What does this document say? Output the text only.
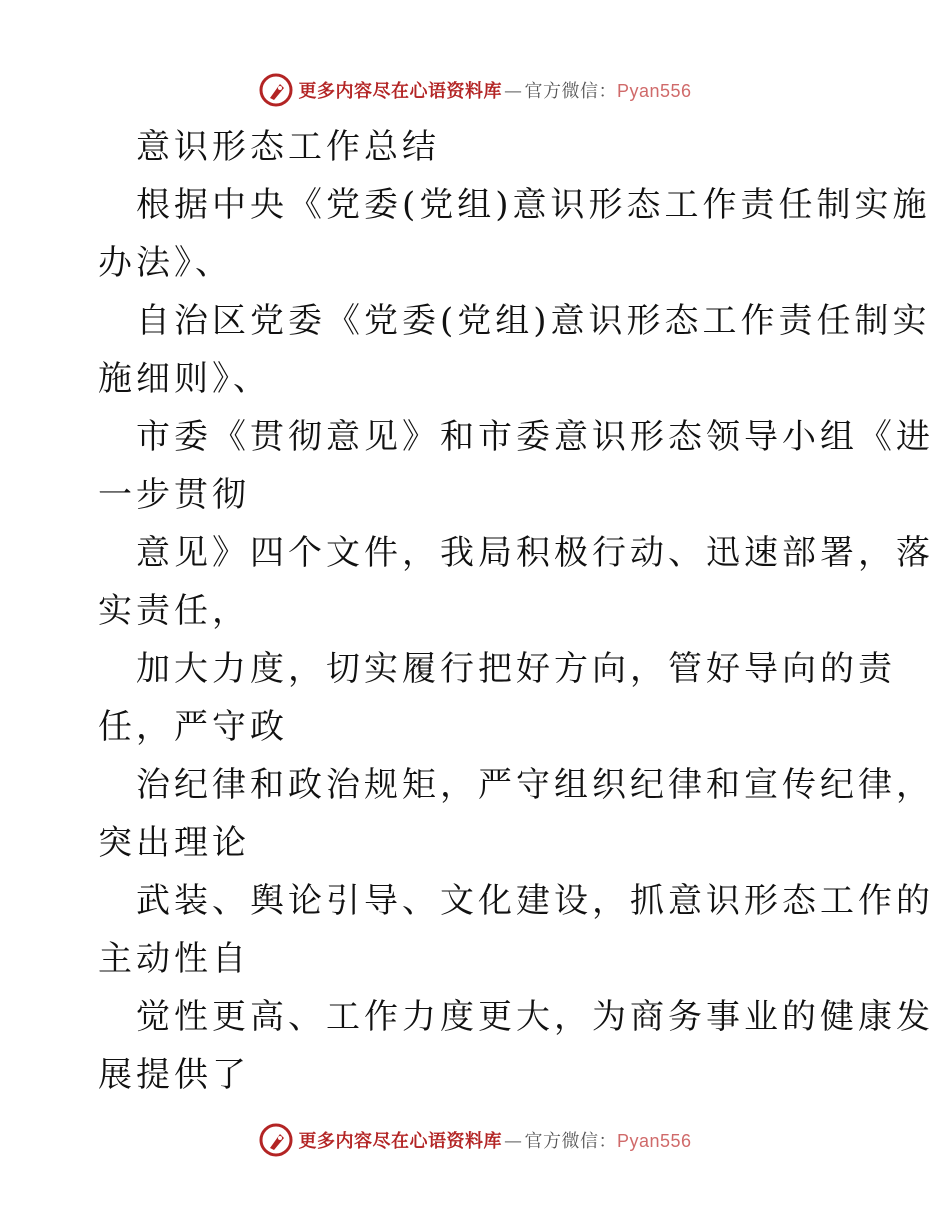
更多内容尽在心语资料库 — 官方微信：Pyan556
意识形态工作总结
根据中央《党委(党组)意识形态工作责任制实施
办法》、
自治区党委《党委(党组)意识形态工作责任制实
施细则》、
市委《贯彻意见》和市委意识形态领导小组《进
一步贯彻
意见》四个文件，我局积极行动、迅速部署，落
实责任，
加大力度，切实履行把好方向，管好导向的责
任，严守政
治纪律和政治规矩，严守组织纪律和宣传纪律，
突出理论
武装、舆论引导、文化建设，抓意识形态工作的
主动性自
觉性更高、工作力度更大，为商务事业的健康发
展提供了
更多内容尽在心语资料库 — 官方微信：Pyan556
